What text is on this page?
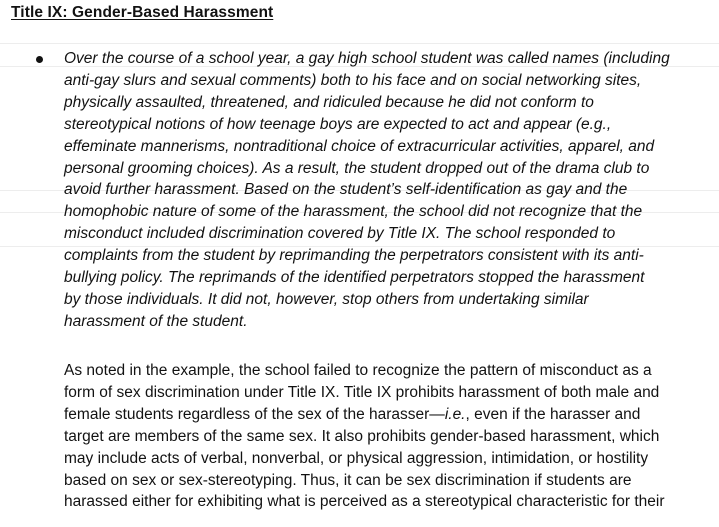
Title IX: Gender-Based Harassment

Over the course of a school year, a gay high school student was called names (including
anti-gay slurs and sexual comments) both to his face and on social networking sites,
physically assaulted, threatened, and ridiculed because he did not conform to
stereotypical notions of how teenage boys are expected to act and appear (e.g.,
effeminate mannerisms, nontraditional choice of extracurricular activities, apparel, and
personal grooming choices). As a result, the student dropped out of the drama club to
avoid further harassment. Based on the student’s self-identification as gay and the
homophobic nature of some of the harassment, the school did not recognize that the
misconduct included discrimination covered by Title IX. The school responded to
complaints from the student by reprimanding the perpetrators consistent with its anti-
bullying policy. The reprimands of the identified perpetrators stopped the harassment
by those individuals. It did not, however, stop others from undertaking similar
harassment of the student.

As noted in the example, the school failed to recognize the pattern of misconduct as a
form of sex discrimination under Title IX. Title IX prohibits harassment of both male and
female students regardless of the sex of the harasser—i.e., even if the harasser and
target are members of the same sex. It also prohibits gender-based harassment, which
may include acts of verbal, nonverbal, or physical aggression, intimidation, or hostility
based on sex or sex-stereotyping. Thus, it can be sex discrimination if students are
harassed either for exhibiting what is perceived as a stereotypical characteristic for their
